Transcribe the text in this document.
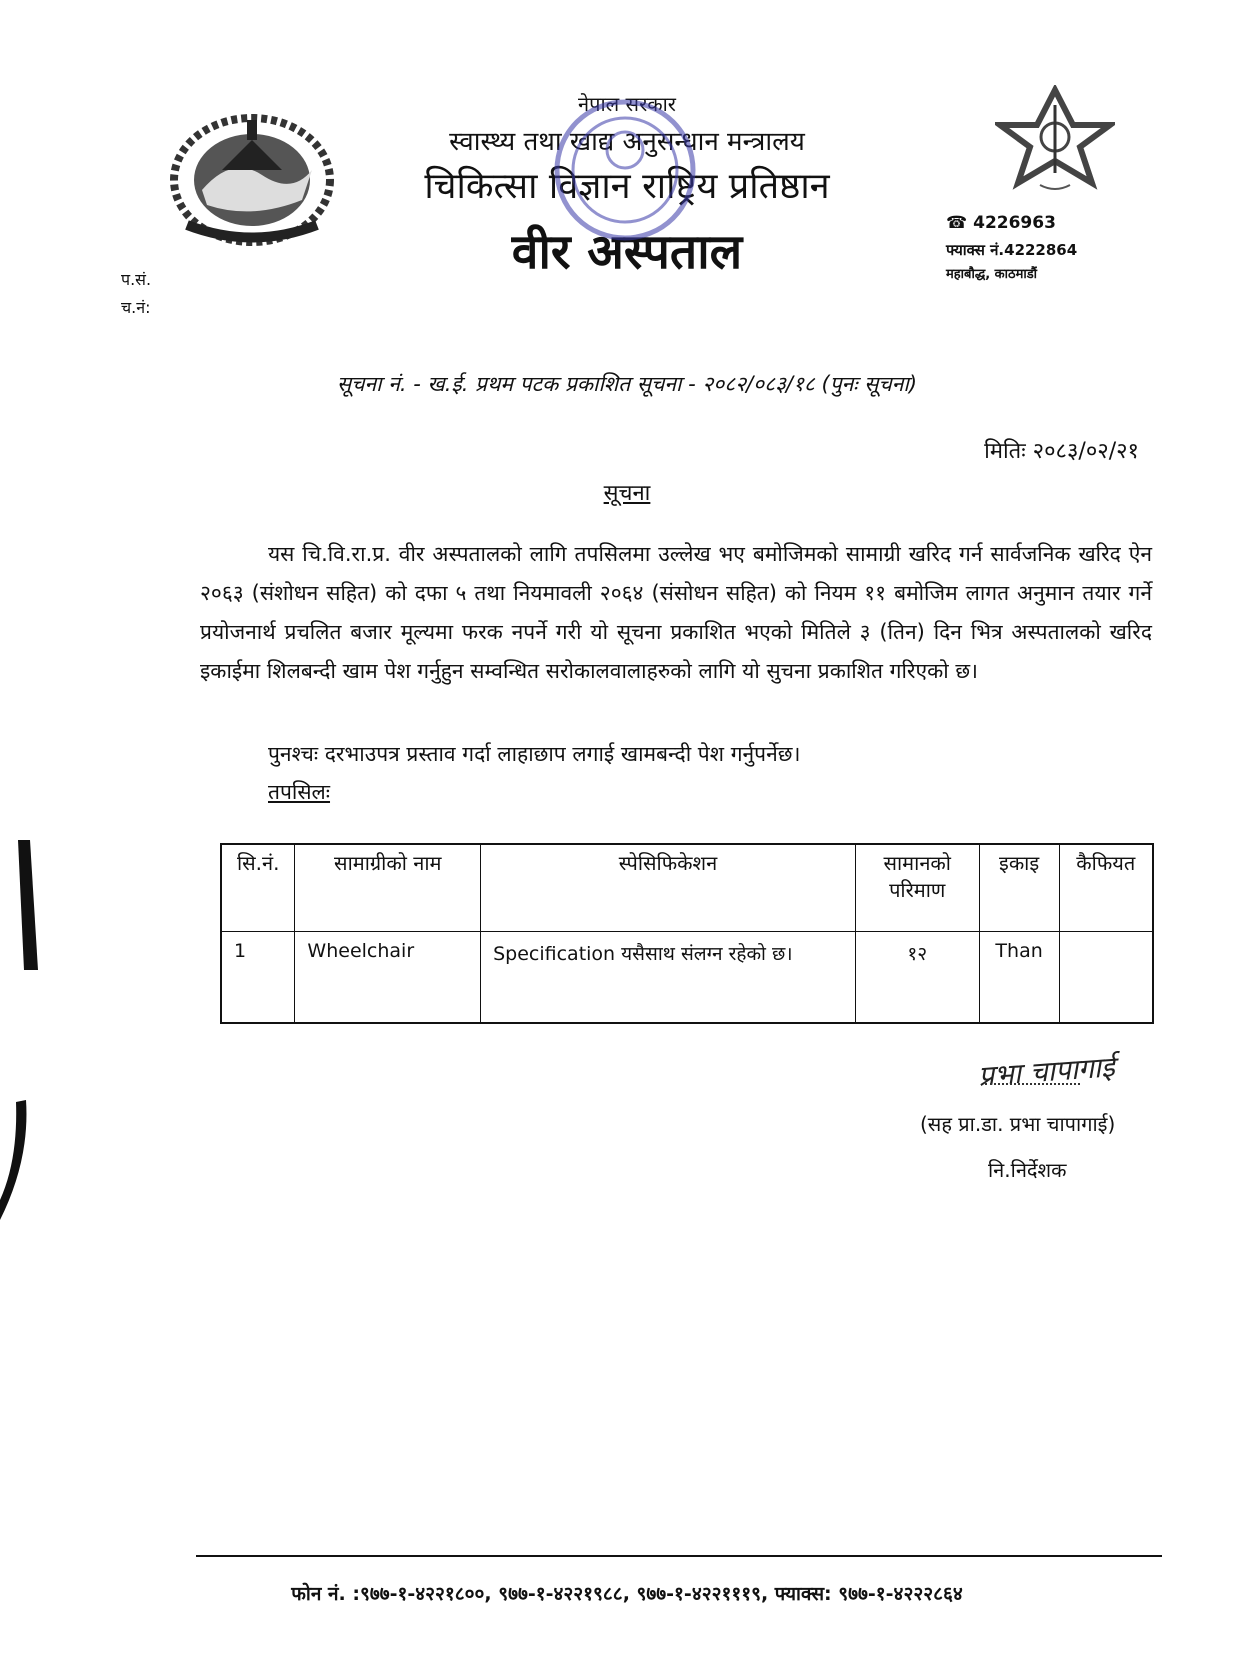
नेपाल सरकार
स्वास्थ्य तथा खाद्य अनुसन्धान मन्त्रालय
चिकित्सा विज्ञान राष्ट्रिय प्रतिष्ठान
वीर अस्पताल
☎ 4226963
फ्याक्स नं.4222864
महाबौद्ध, काठमाडौं
प.सं.
च.नं:
सूचना नं. - ख.ई. प्रथम पटक प्रकाशित सूचना - २०८२/०८३/१८ (पुनः सूचना)
मितिः २०८३/०२/२१
सूचना

यस चि.वि.रा.प्र. वीर अस्पतालको लागि तपसिलमा उल्लेख भए बमोजिमको सामाग्री खरिद गर्न सार्वजनिक खरिद ऐन २०६३ (संशोधन सहित) को दफा ५ तथा नियमावली २०६४ (संसोधन सहित) को नियम ११ बमोजिम लागत अनुमान तयार गर्ने प्रयोजनार्थ प्रचलित बजार मूल्यमा फरक नपर्ने गरी यो सूचना प्रकाशित भएको मितिले ३ (तिन) दिन भित्र अस्पतालको खरिद इकाईमा शिलबन्दी खाम पेश गर्नुहुन सम्वन्धित सरोकालवालाहरुको लागि यो सुचना प्रकाशित गरिएको छ।

पुनश्चः दरभाउपत्र प्रस्ताव गर्दा लाहाछाप लगाई खामबन्दी पेश गर्नुपर्नेछ।
तपसिलः
सि.नं.	सामाग्रीको नाम	स्पेसिफिकेशन	सामानको परिमाण	इकाइ	कैफियत
1	Wheelchair	Specification यसैसाथ संलग्न रहेको छ।	१२	Than	
प्रभा चापागाई
(सह प्रा.डा. प्रभा चापागाई)
नि.निर्देशक
फोन नं. :९७७-१-४२२१८००, ९७७-१-४२२१९८८, ९७७-१-४२२१११९, फ्याक्स: ९७७-१-४२२२८६४
